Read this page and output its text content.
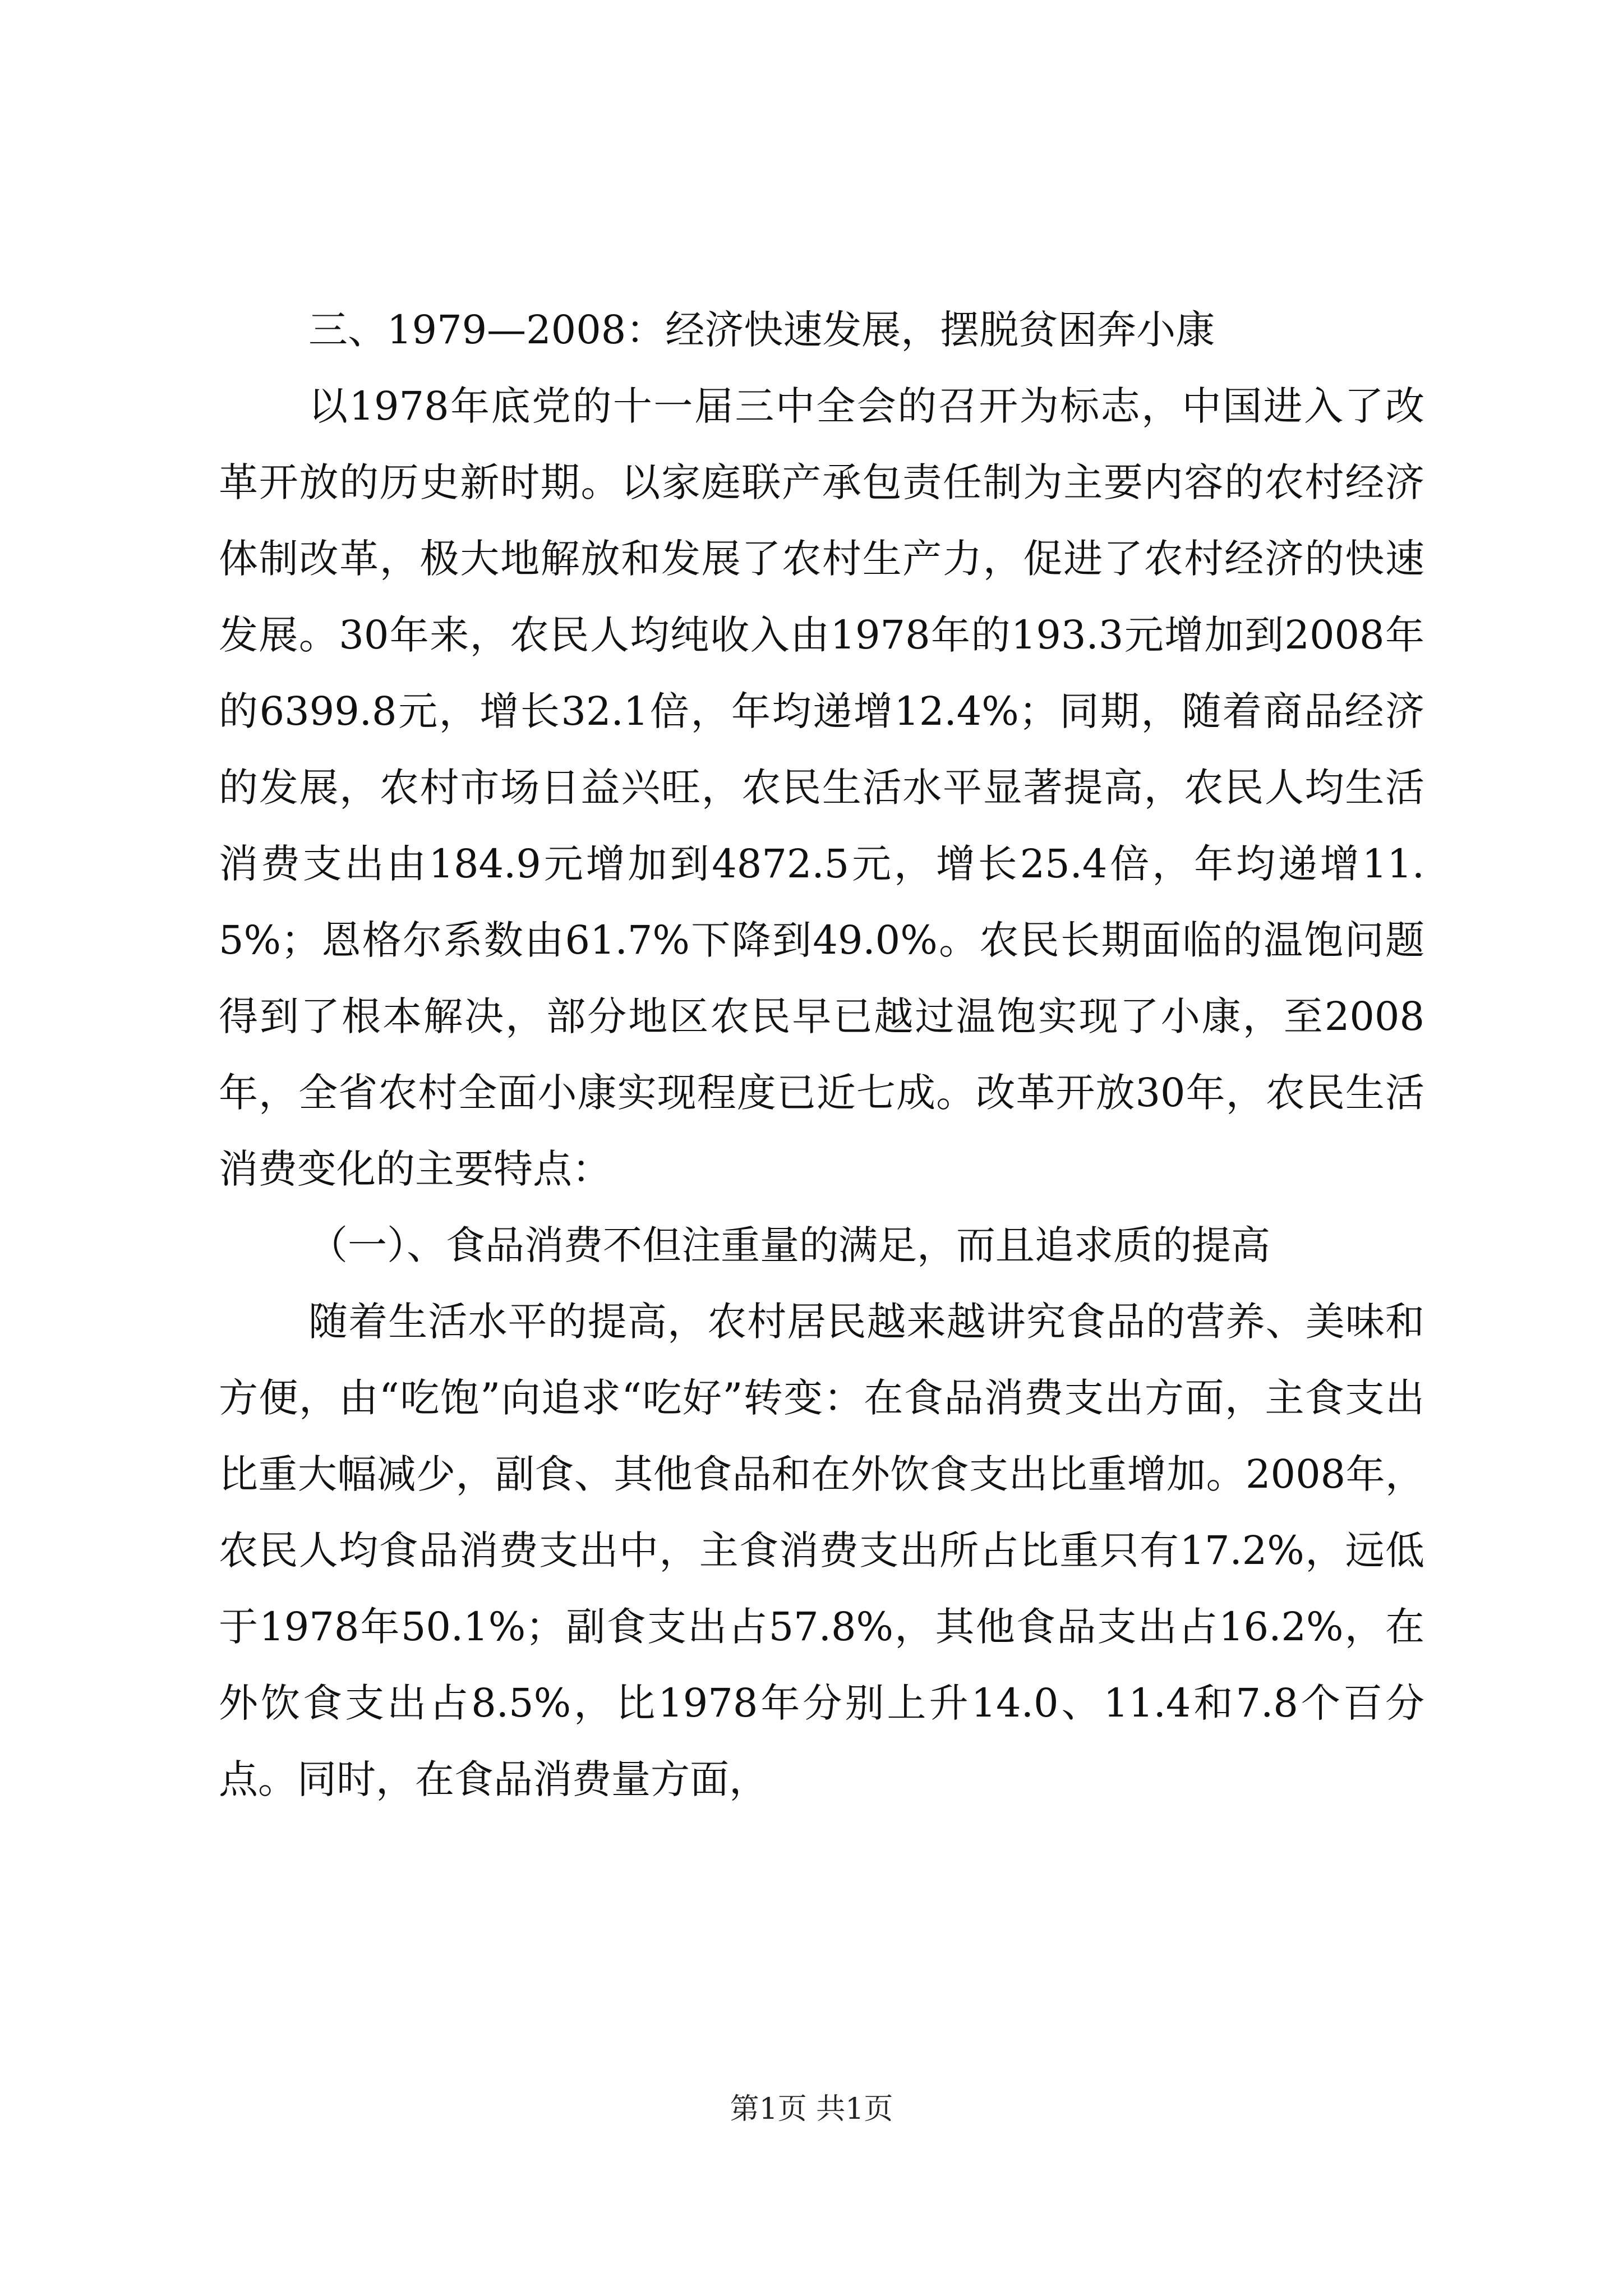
三、1979—2008：经济快速发展，摆脱贫困奔小康

以1978年底党的十一届三中全会的召开为标志，中国进入了改革开放的历史新时期。以家庭联产承包责任制为主要内容的农村经济体制改革，极大地解放和发展了农村生产力，促进了农村经济的快速发展。30年来，农民人均纯收入由1978年的193.3元增加到2008年的6399.8元，增长32.1倍，年均递增12.4%；同期，随着商品经济的发展，农村市场日益兴旺，农民生活水平显著提高，农民人均生活消费支出由184.9元增加到4872.5元，增长25.4倍，年均递增11.5%；恩格尔系数由61.7%下降到49.0%。农民长期面临的温饱问题得到了根本解决，部分地区农民早已越过温饱实现了小康，至2008年，全省农村全面小康实现程度已近七成。改革开放30年，农民生活消费变化的主要特点：

（一）、食品消费不但注重量的满足，而且追求质的提高

随着生活水平的提高，农村居民越来越讲究食品的营养、美味和方便，由“吃饱”向追求“吃好”转变：在食品消费支出方面，主食支出比重大幅减少，副食、其他食品和在外饮食支出比重增加。2008年，农民人均食品消费支出中，主食消费支出所占比重只有17.2%，远低于1978年50.1%；副食支出占57.8%，其他食品支出占16.2%，在外饮食支出占8.5%，比1978年分别上升14.0、11.4和7.8个百分点。同时，在食品消费量方面，

第1页 共1页
